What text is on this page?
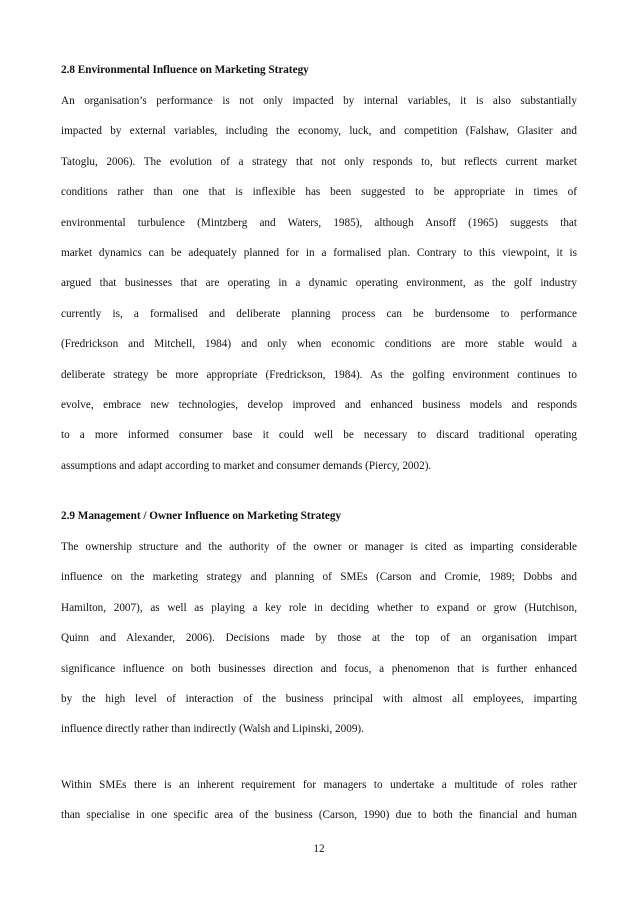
2.8 Environmental Influence on Marketing Strategy
An organisation’s performance is not only impacted by internal variables, it is also substantially
impacted by external variables, including the economy, luck, and competition (Falshaw, Glasiter and
Tatoglu, 2006). The evolution of a strategy that not only responds to, but reflects current market
conditions rather than one that is inflexible has been suggested to be appropriate in times of
environmental turbulence (Mintzberg and Waters, 1985), although Ansoff (1965) suggests that
market dynamics can be adequately planned for in a formalised plan. Contrary to this viewpoint, it is
argued that businesses that are operating in a dynamic operating environment, as the golf industry
currently is, a formalised and deliberate planning process can be burdensome to performance
(Fredrickson and Mitchell, 1984) and only when economic conditions are more stable would a
deliberate strategy be more appropriate (Fredrickson, 1984). As the golfing environment continues to
evolve, embrace new technologies, develop improved and enhanced business models and responds
to a more informed consumer base it could well be necessary to discard traditional operating
assumptions and adapt according to market and consumer demands (Piercy, 2002).
2.9 Management / Owner Influence on Marketing Strategy
The ownership structure and the authority of the owner or manager is cited as imparting considerable
influence on the marketing strategy and planning of SMEs (Carson and Cromie, 1989; Dobbs and
Hamilton, 2007), as well as playing a key role in deciding whether to expand or grow (Hutchison,
Quinn and Alexander, 2006). Decisions made by those at the top of an organisation impart
significance influence on both businesses direction and focus, a phenomenon that is further enhanced
by the high level of interaction of the business principal with almost all employees, imparting
influence directly rather than indirectly (Walsh and Lipinski, 2009).
Within SMEs there is an inherent requirement for managers to undertake a multitude of roles rather
than specialise in one specific area of the business (Carson, 1990) due to both the financial and human
12
